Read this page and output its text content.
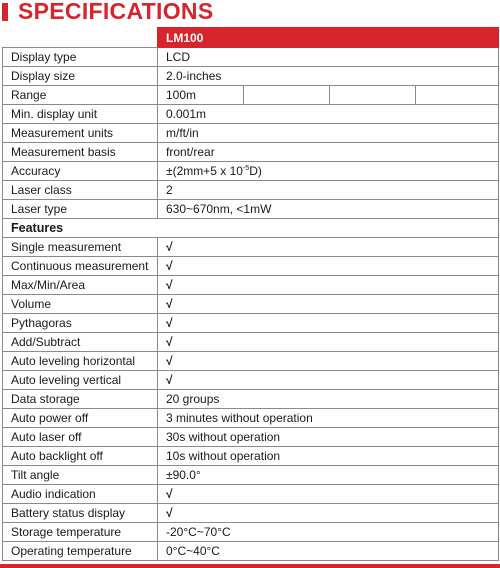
SPECIFICATIONS
	LM100			
Display type	LCD			
Display size	2.0-inches			
Range	100m			
Min. display unit	0.001m			
Measurement units	m/ft/in			
Measurement basis	front/rear			
Accuracy	±(2mm+5 x $10^{-5}D$)			
Laser class	2			
Laser type	630~670nm, <1mW			
Features				
Single measurement	√			
Continuous measurement	√			
Max/Min/Area	√			
Volume	√			
Pythagoras	√			
Add/Subtract	√			
Auto leveling horizontal	√			
Auto leveling vertical	√			
Data storage	20 groups			
Auto power off	3 minutes without operation			
Auto laser off	30s without operation			
Auto backlight off	10s without operation			
Tilt angle	±90.0°			
Audio indication	√			
Battery status display	√			
Storage temperature	-20°C~70°C			
Operating temperature	0°C~40°C			
